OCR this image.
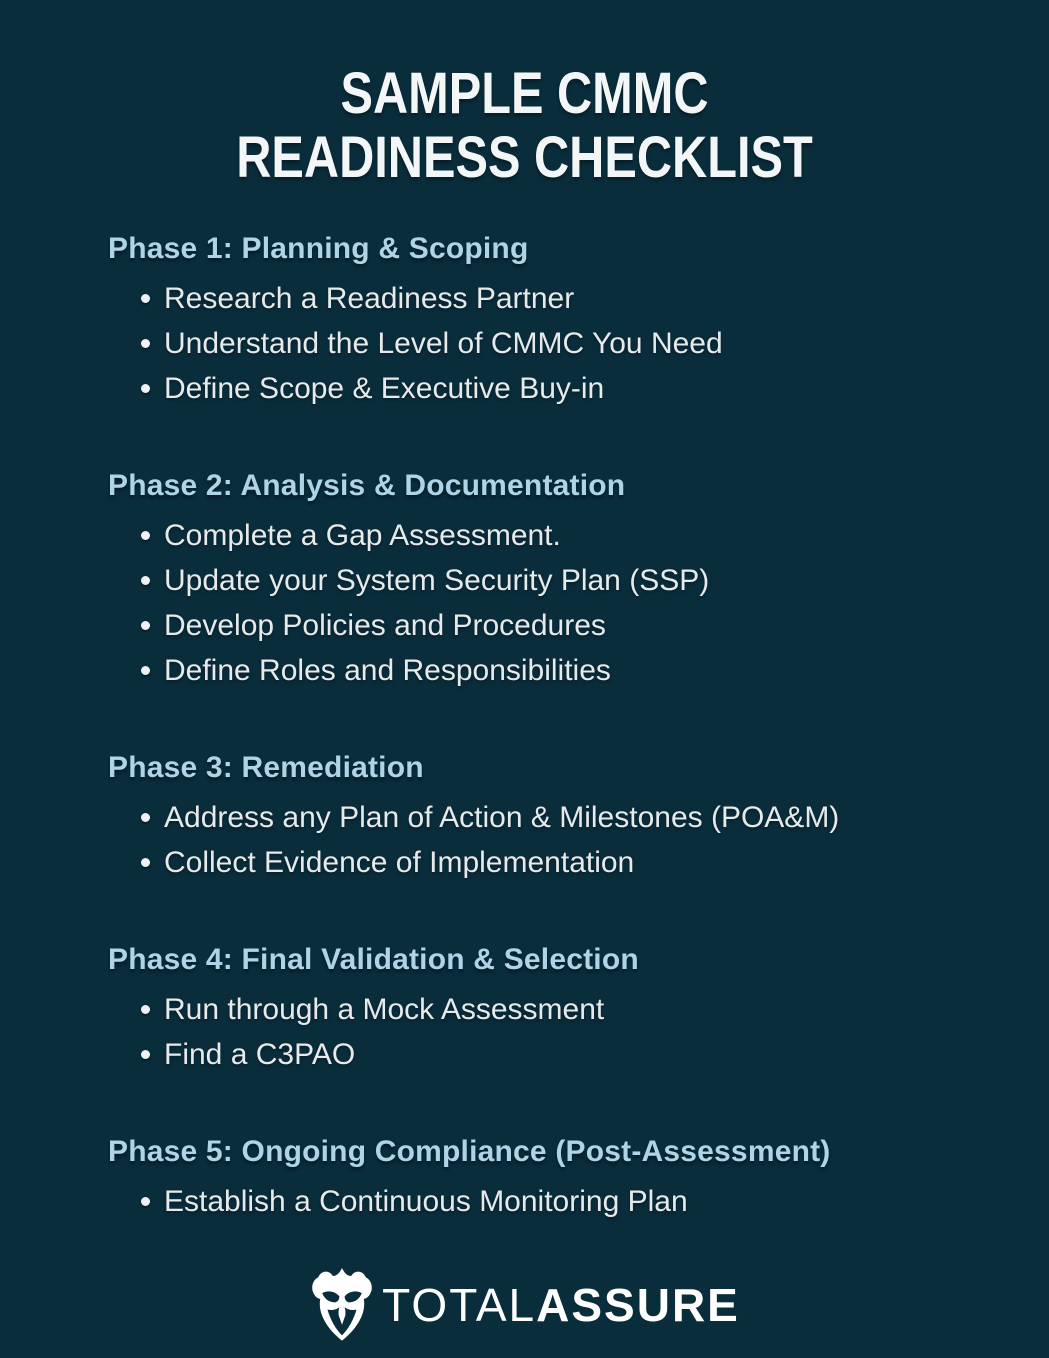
SAMPLE CMMC
READINESS CHECKLIST
Phase 1: Planning & Scoping
Research a Readiness Partner
Understand the Level of CMMC You Need
Define Scope & Executive Buy-in
Phase 2: Analysis & Documentation
Complete a Gap Assessment.
Update your System Security Plan (SSP)
Develop Policies and Procedures
Define Roles and Responsibilities
Phase 3: Remediation
Address any Plan of Action & Milestones (POA&M)
Collect Evidence of Implementation
Phase 4: Final Validation & Selection
Run through a Mock Assessment
Find a C3PAO
Phase 5: Ongoing Compliance (Post-Assessment)
Establish a Continuous Monitoring Plan
TOTALASSURE
